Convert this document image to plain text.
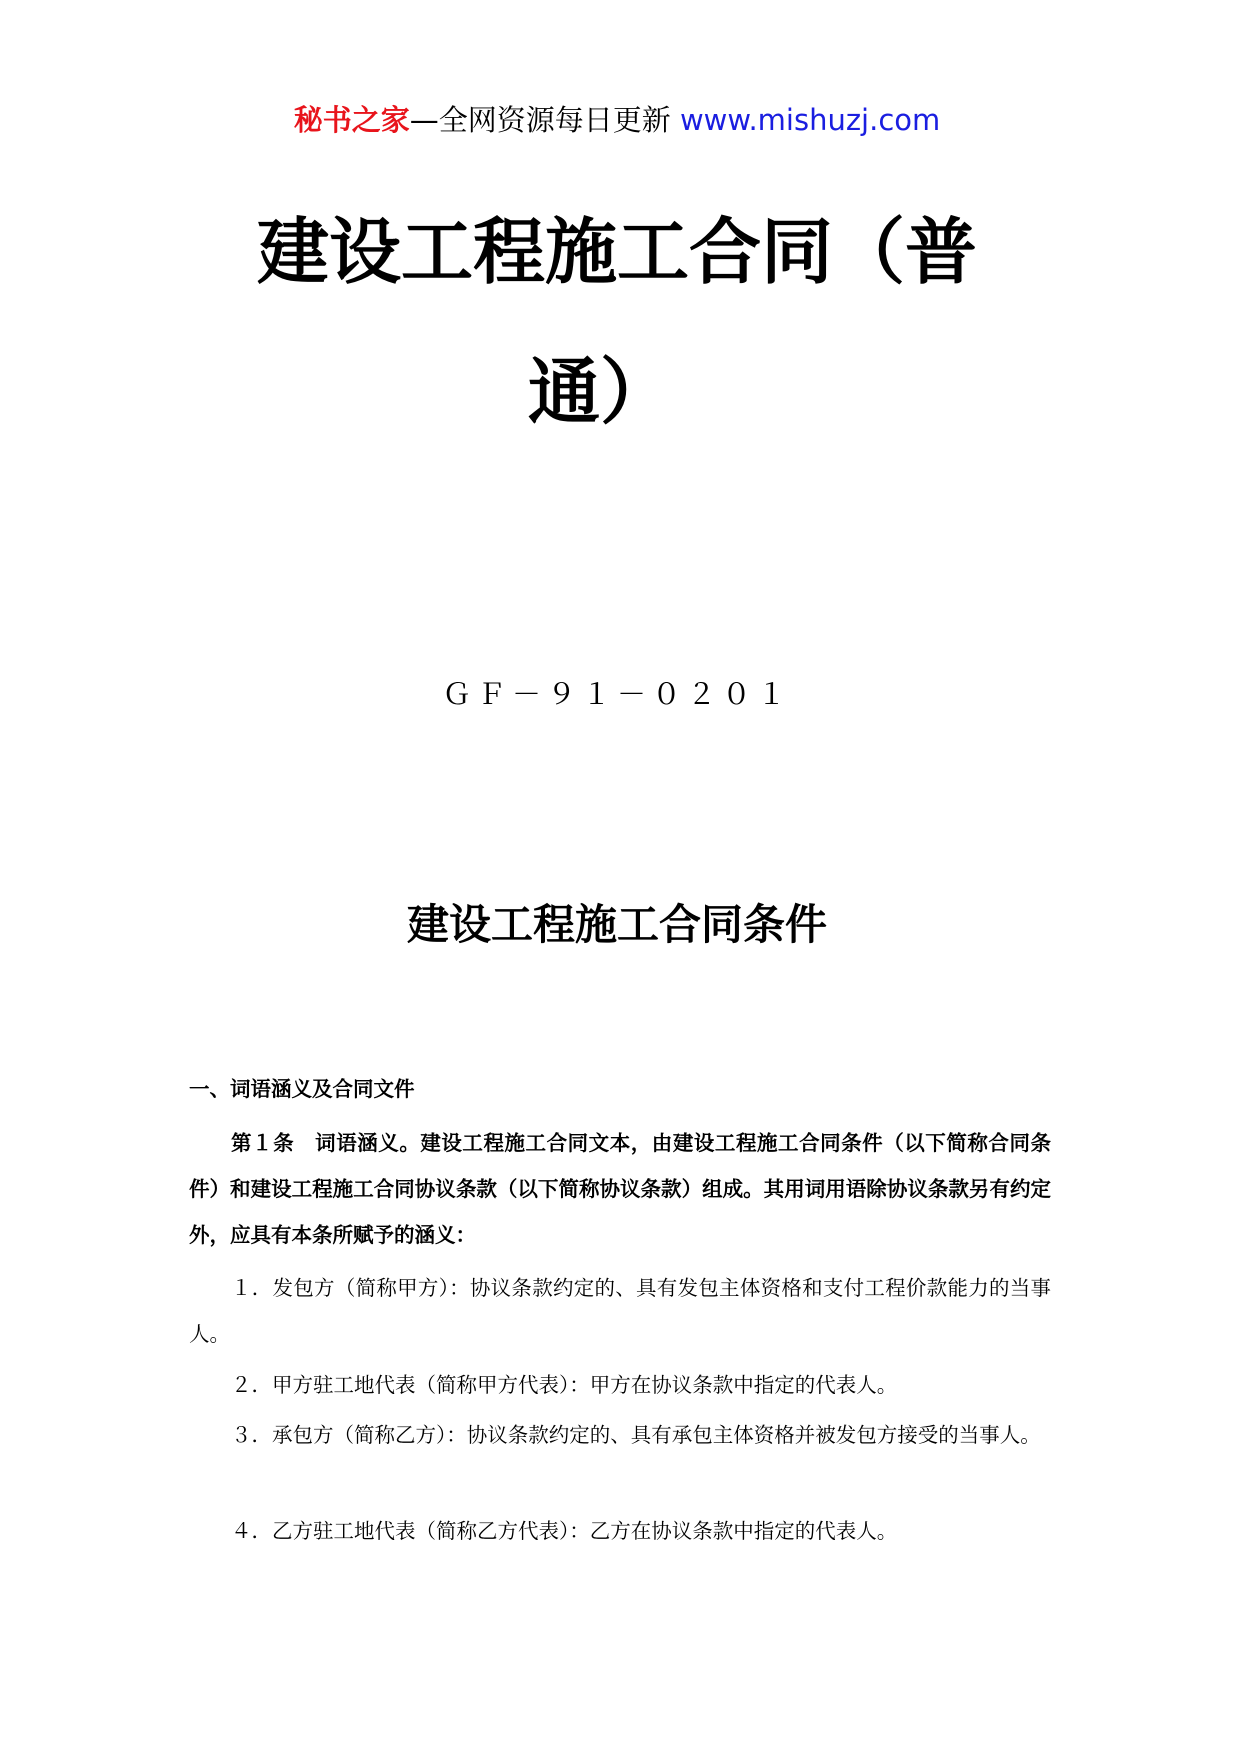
秘书之家—全网资源每日更新 www.mishuzj.com
建设工程施工合同（普
通）
ＧＦ－９１－０２０１
建设工程施工合同条件
一、词语涵义及合同文件
第１条　词语涵义。建设工程施工合同文本，由建设工程施工合同条件（以下简称合同条件）和建设工程施工合同协议条款（以下简称协议条款）组成。其用词用语除协议条款另有约定外，应具有本条所赋予的涵义：
１．发包方（简称甲方）：协议条款约定的、具有发包主体资格和支付工程价款能力的当事人。
２．甲方驻工地代表（简称甲方代表）：甲方在协议条款中指定的代表人。
３．承包方（简称乙方）：协议条款约定的、具有承包主体资格并被发包方接受的当事人。
４．乙方驻工地代表（简称乙方代表）：乙方在协议条款中指定的代表人。
